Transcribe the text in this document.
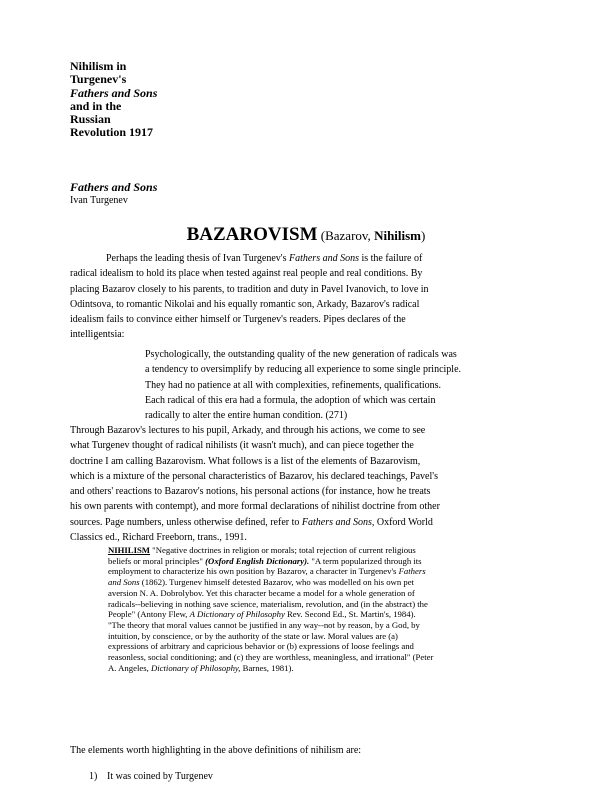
Nihilism in
Turgenev's
Fathers and Sons
and in the
Russian
Revolution 1917
Fathers and Sons
Ivan Turgenev
BAZAROVISM (Bazarov, Nihilism)
Perhaps the leading thesis of Ivan Turgenev's Fathers and Sons is the failure of
radical idealism to hold its place when tested against real people and real conditions. By
placing Bazarov closely to his parents, to tradition and duty in Pavel Ivanovich, to love in
Odintsova, to romantic Nikolai and his equally romantic son, Arkady, Bazarov's radical
idealism fails to convince either himself or Turgenev's readers. Pipes declares of the
intelligentsia:
Psychologically, the outstanding quality of the new generation of radicals was
a tendency to oversimplify by reducing all experience to some single principle.
They had no patience at all with complexities, refinements, qualifications.
Each radical of this era had a formula, the adoption of which was certain
radically to alter the entire human condition. (271)
Through Bazarov's lectures to his pupil, Arkady, and through his actions, we come to see
what Turgenev thought of radical nihilists (it wasn't much), and can piece together the
doctrine I am calling Bazarovism. What follows is a list of the elements of Bazarovism,
which is a mixture of the personal characteristics of Bazarov, his declared teachings, Pavel's
and others' reactions to Bazarov's notions, his personal actions (for instance, how he treats
his own parents with contempt), and more formal declarations of nihilist doctrine from other
sources. Page numbers, unless otherwise defined, refer to Fathers and Sons, Oxford World
Classics ed., Richard Freeborn, trans., 1991.
NIHILISM "Negative doctrines in religion or morals; total rejection of current religious
beliefs or moral principles" (Oxford English Dictionary). "A term popularized through its
employment to characterize his own position by Bazarov, a character in Turgenev's Fathers
and Sons (1862). Turgenev himself detested Bazarov, who was modelled on his own pet
aversion N. A. Dobrolybov. Yet this character became a model for a whole generation of
radicals--believing in nothing save science, materialism, revolution, and (in the abstract) the
People" (Antony Flew, A Dictionary of Philosophy Rev. Second Ed., St. Martin's, 1984).
"The theory that moral values cannot be justified in any way--not by reason, by a God, by
intuition, by conscience, or by the authority of the state or law. Moral values are (a)
expressions of arbitrary and capricious behavior or (b) expressions of loose feelings and
reasonless, social conditioning; and (c) they are worthless, meaningless, and irrational" (Peter
A. Angeles, Dictionary of Philosophy, Barnes, 1981).
The elements worth highlighting in the above definitions of nihilism are:
1) It was coined by Turgenev
